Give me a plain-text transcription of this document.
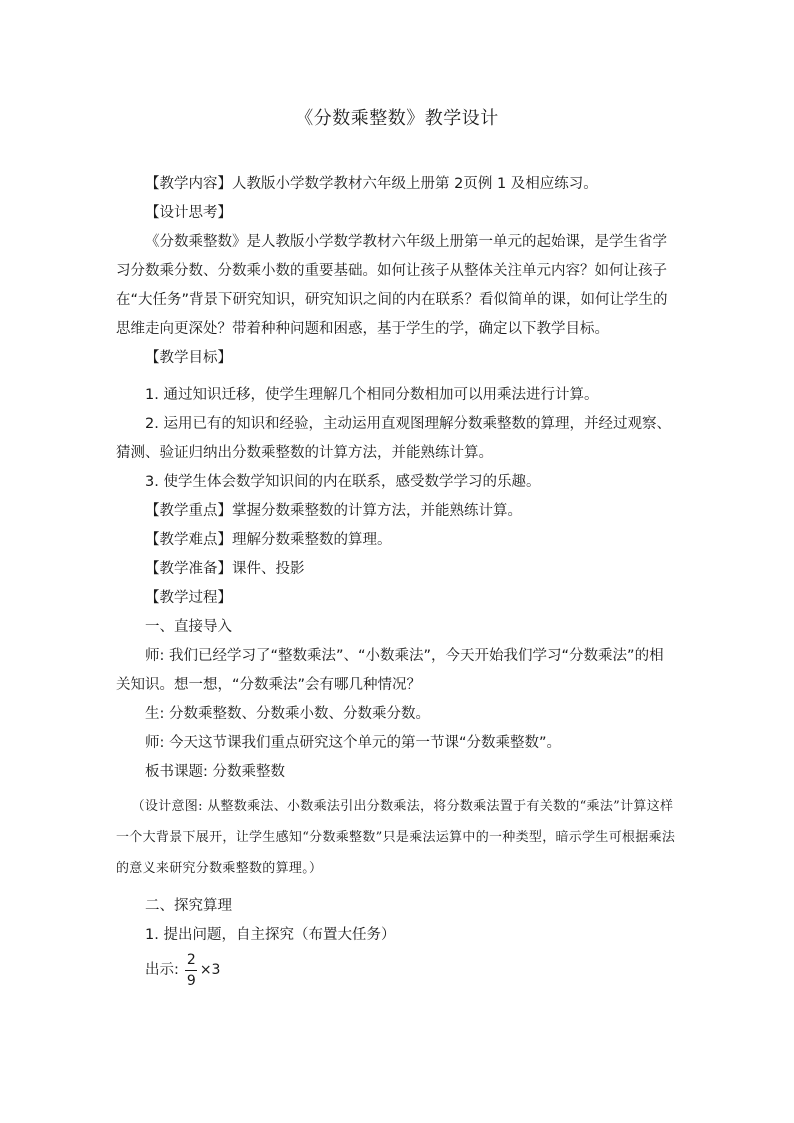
《分数乘整数》教学设计

【教学内容】人教版小学数学教材六年级上册第 2页例 1 及相应练习。

【设计思考】

《分数乘整数》是人教版小学数学教材六年级上册第一单元的起始课，是学生省学习分数乘分数、分数乘小数的重要基础。如何让孩子从整体关注单元内容？如何让孩子在“大任务”背景下研究知识，研究知识之间的内在联系？看似简单的课，如何让学生的思维走向更深处？带着种种问题和困惑，基于学生的学，确定以下教学目标。

【教学目标】

1. 通过知识迁移，使学生理解几个相同分数相加可以用乘法进行计算。

2. 运用已有的知识和经验，主动运用直观图理解分数乘整数的算理，并经过观察、猜测、验证归纳出分数乘整数的计算方法，并能熟练计算。

3. 使学生体会数学知识间的内在联系，感受数学学习的乐趣。

【教学重点】掌握分数乘整数的计算方法，并能熟练计算。

【教学难点】理解分数乘整数的算理。

【教学准备】课件、投影

【教学过程】

一、直接导入

师: 我们已经学习了“整数乘法”、“小数乘法”，今天开始我们学习“分数乘法”的相关知识。想一想，“分数乘法”会有哪几种情况？

生: 分数乘整数、分数乘小数、分数乘分数。

师: 今天这节课我们重点研究这个单元的第一节课“分数乘整数”。

板书课题: 分数乘整数

（设计意图: 从整数乘法、小数乘法引出分数乘法，将分数乘法置于有关数的“乘法”计算这样一个大背景下展开，让学生感知“分数乘整数”只是乘法运算中的一种类型，暗示学生可根据乘法的意义来研究分数乘整数的算理。）

二、探究算理

1. 提出问题，自主探究（布置大任务）

出示: $\frac{2}{9} \times 3$
